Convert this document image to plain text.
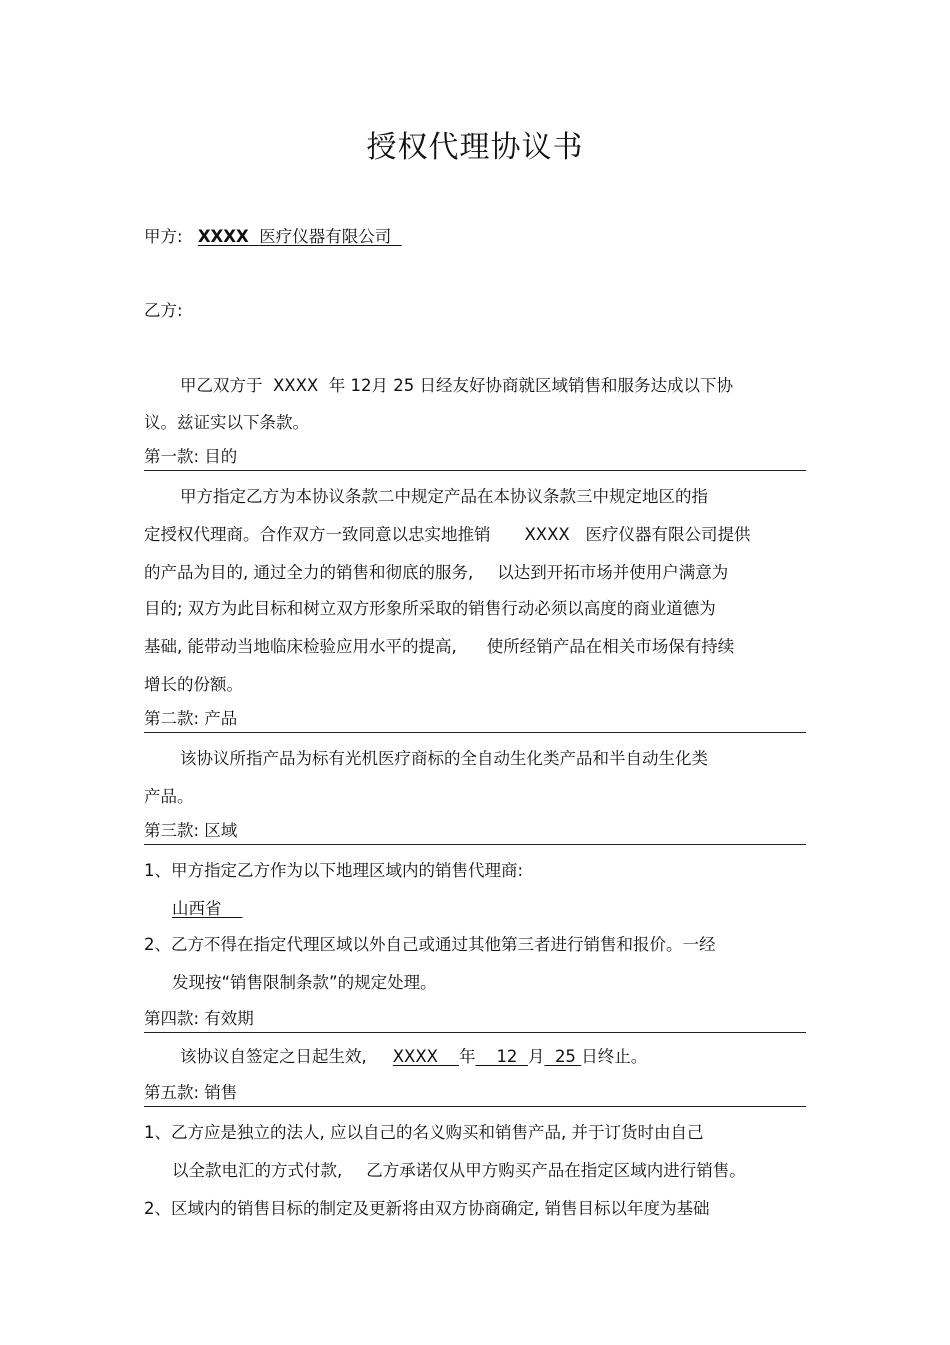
授权代理协议书
甲方: XXXX 医疗仪器有限公司
乙方:
甲乙双方于 XXXX 年 12月 25 日经友好协商就区域销售和服务达成以下协
议。兹证实以下条款。
第一款: 目的
甲方指定乙方为本协议条款二中规定产品在本协议条款三中规定地区的指
定授权代理商。合作双方一致同意以忠实地推销 XXXX 医疗仪器有限公司提供
的产品为目的, 通过全力的销售和彻底的服务, 以达到开拓市场并使用户满意为
目的; 双方为此目标和树立双方形象所采取的销售行动必须以高度的商业道德为
基础, 能带动当地临床检验应用水平的提高, 使所经销产品在相关市场保有持续
增长的份额。
第二款: 产品
该协议所指产品为标有光机医疗商标的全自动生化类产品和半自动生化类
产品。
第三款: 区域
1、甲方指定乙方作为以下地理区域内的销售代理商:
山西省
2、乙方不得在指定代理区域以外自己或通过其他第三者进行销售和报价。一经
发现按“销售限制条款”的规定处理。
第四款: 有效期
该协议自签定之日起生效, XXXX 年 12 月 25 日终止。
第五款: 销售
1、乙方应是独立的法人, 应以自己的名义购买和销售产品, 并于订货时由自己
以全款电汇的方式付款, 乙方承诺仅从甲方购买产品在指定区域内进行销售。
2、区域内的销售目标的制定及更新将由双方协商确定, 销售目标以年度为基础
